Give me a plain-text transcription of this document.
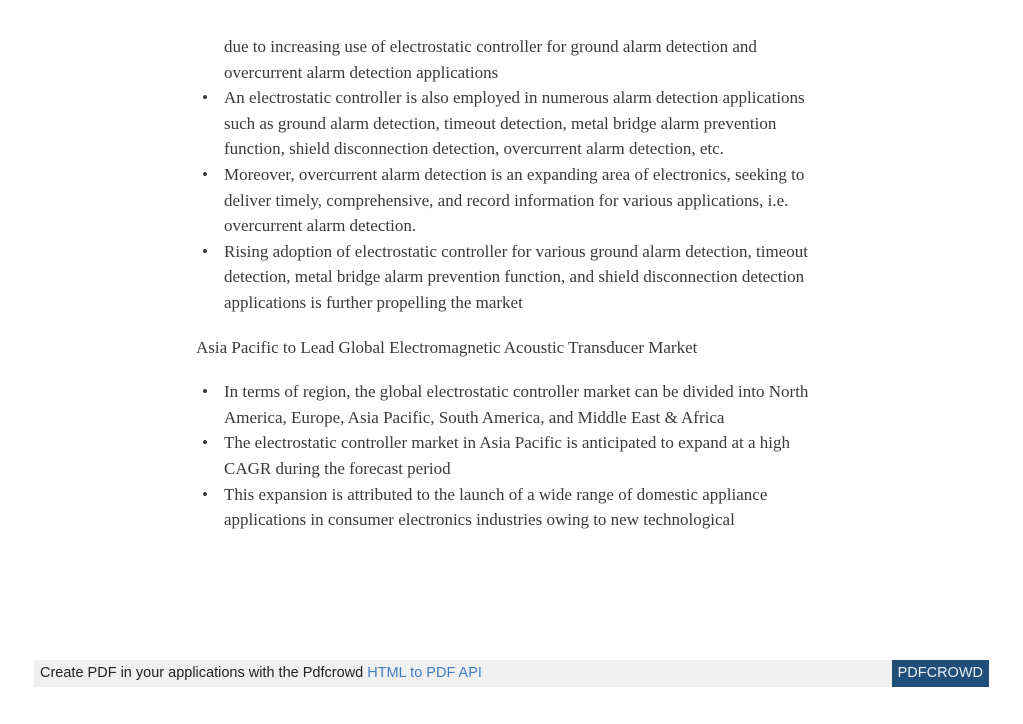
due to increasing use of electrostatic controller for ground alarm detection and overcurrent alarm detection applications

• An electrostatic controller is also employed in numerous alarm detection applications such as ground alarm detection, timeout detection, metal bridge alarm prevention function, shield disconnection detection, overcurrent alarm detection, etc.
• Moreover, overcurrent alarm detection is an expanding area of electronics, seeking to deliver timely, comprehensive, and record information for various applications, i.e. overcurrent alarm detection.
• Rising adoption of electrostatic controller for various ground alarm detection, timeout detection, metal bridge alarm prevention function, and shield disconnection detection applications is further propelling the market

Asia Pacific to Lead Global Electromagnetic Acoustic Transducer Market

• In terms of region, the global electrostatic controller market can be divided into North America, Europe, Asia Pacific, South America, and Middle East & Africa
• The electrostatic controller market in Asia Pacific is anticipated to expand at a high CAGR during the forecast period
• This expansion is attributed to the launch of a wide range of domestic appliance applications in consumer electronics industries owing to new technological
Create PDF in your applications with the Pdfcrowd HTML to PDF API	PDFCROWD
